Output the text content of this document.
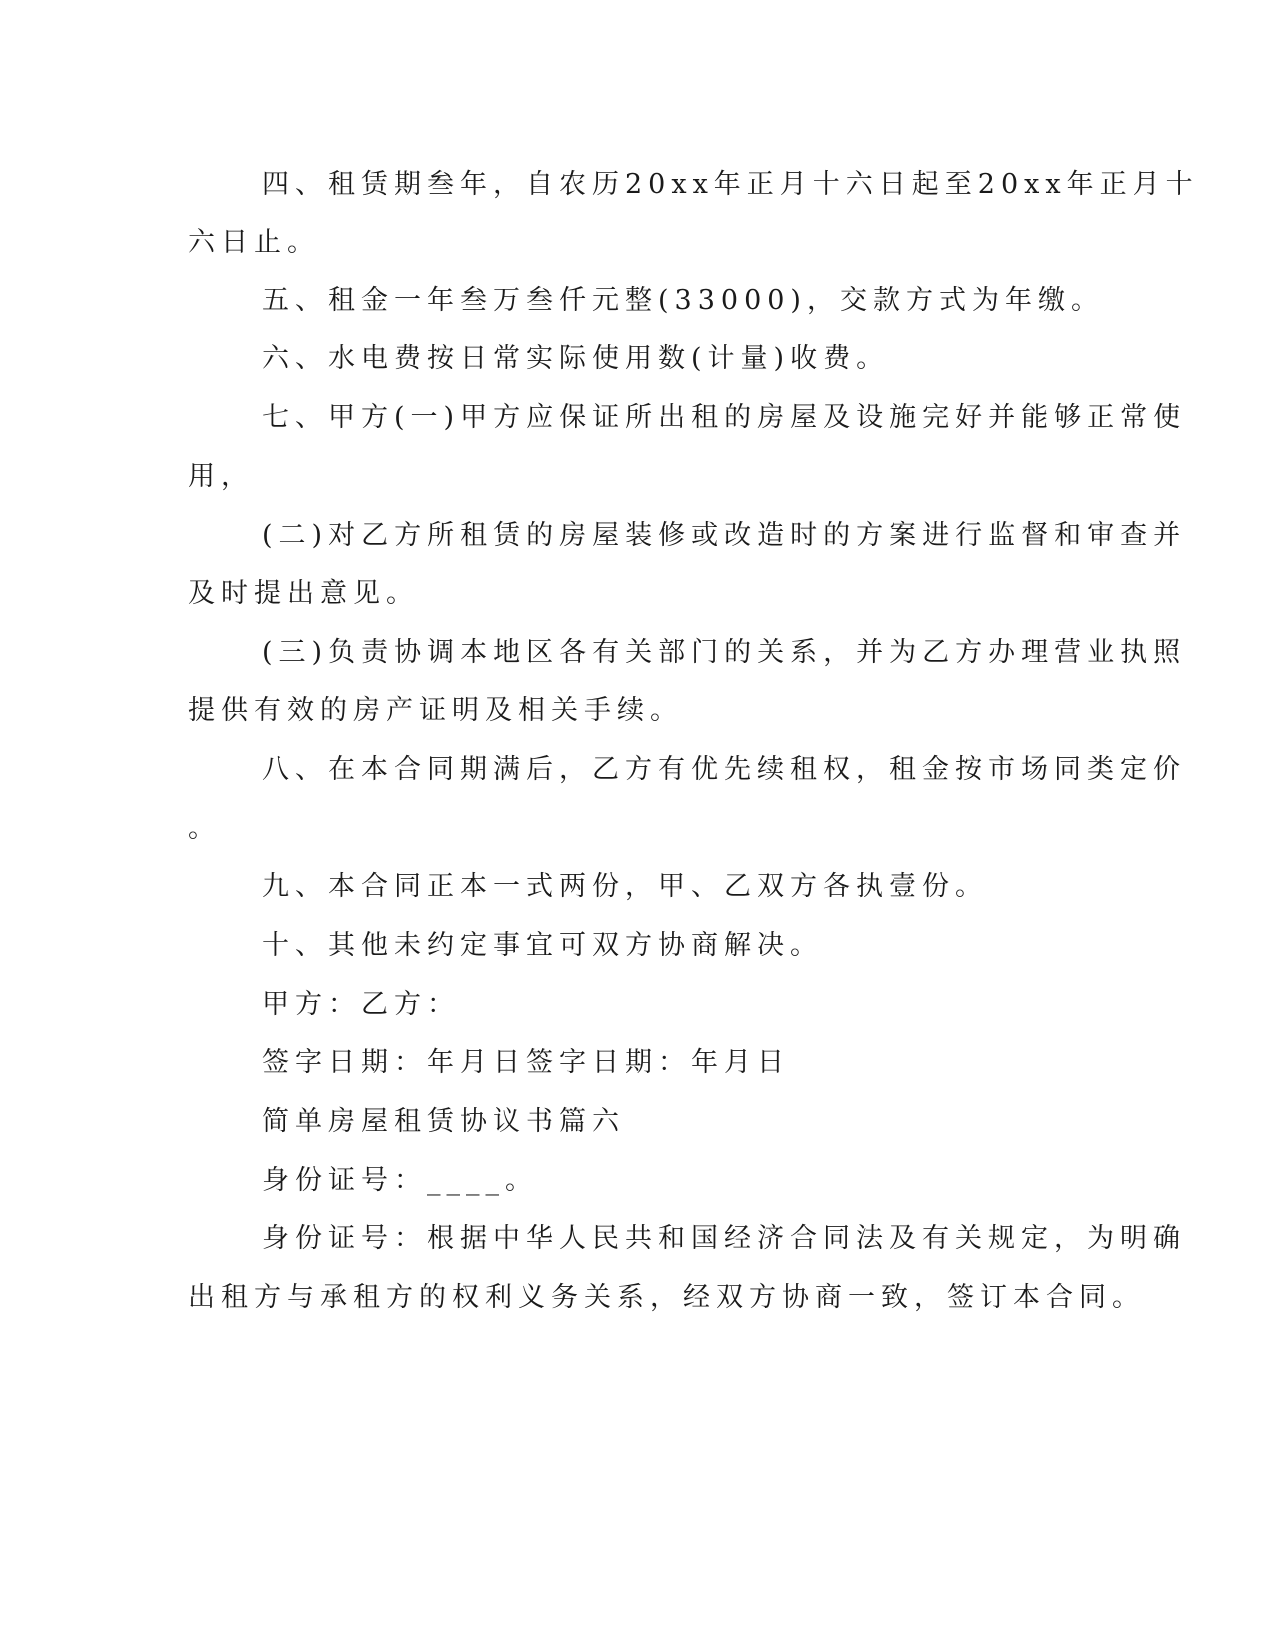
四、租赁期叁年，自农历20xx年正月十六日起至20xx年正月十
六日止。
五、租金一年叁万叁仟元整(33000)，交款方式为年缴。
六、水电费按日常实际使用数(计量)收费。
七、甲方(一)甲方应保证所出租的房屋及设施完好并能够正常使
用，
(二)对乙方所租赁的房屋装修或改造时的方案进行监督和审查并
及时提出意见。
(三)负责协调本地区各有关部门的关系，并为乙方办理营业执照
提供有效的房产证明及相关手续。
八、在本合同期满后，乙方有优先续租权，租金按市场同类定价
。
九、本合同正本一式两份，甲、乙双方各执壹份。
十、其他未约定事宜可双方协商解决。
甲方：乙方：
签字日期：年月日签字日期：年月日
简单房屋租赁协议书篇六
身份证号：____。
身份证号：根据中华人民共和国经济合同法及有关规定，为明确
出租方与承租方的权利义务关系，经双方协商一致，签订本合同。
